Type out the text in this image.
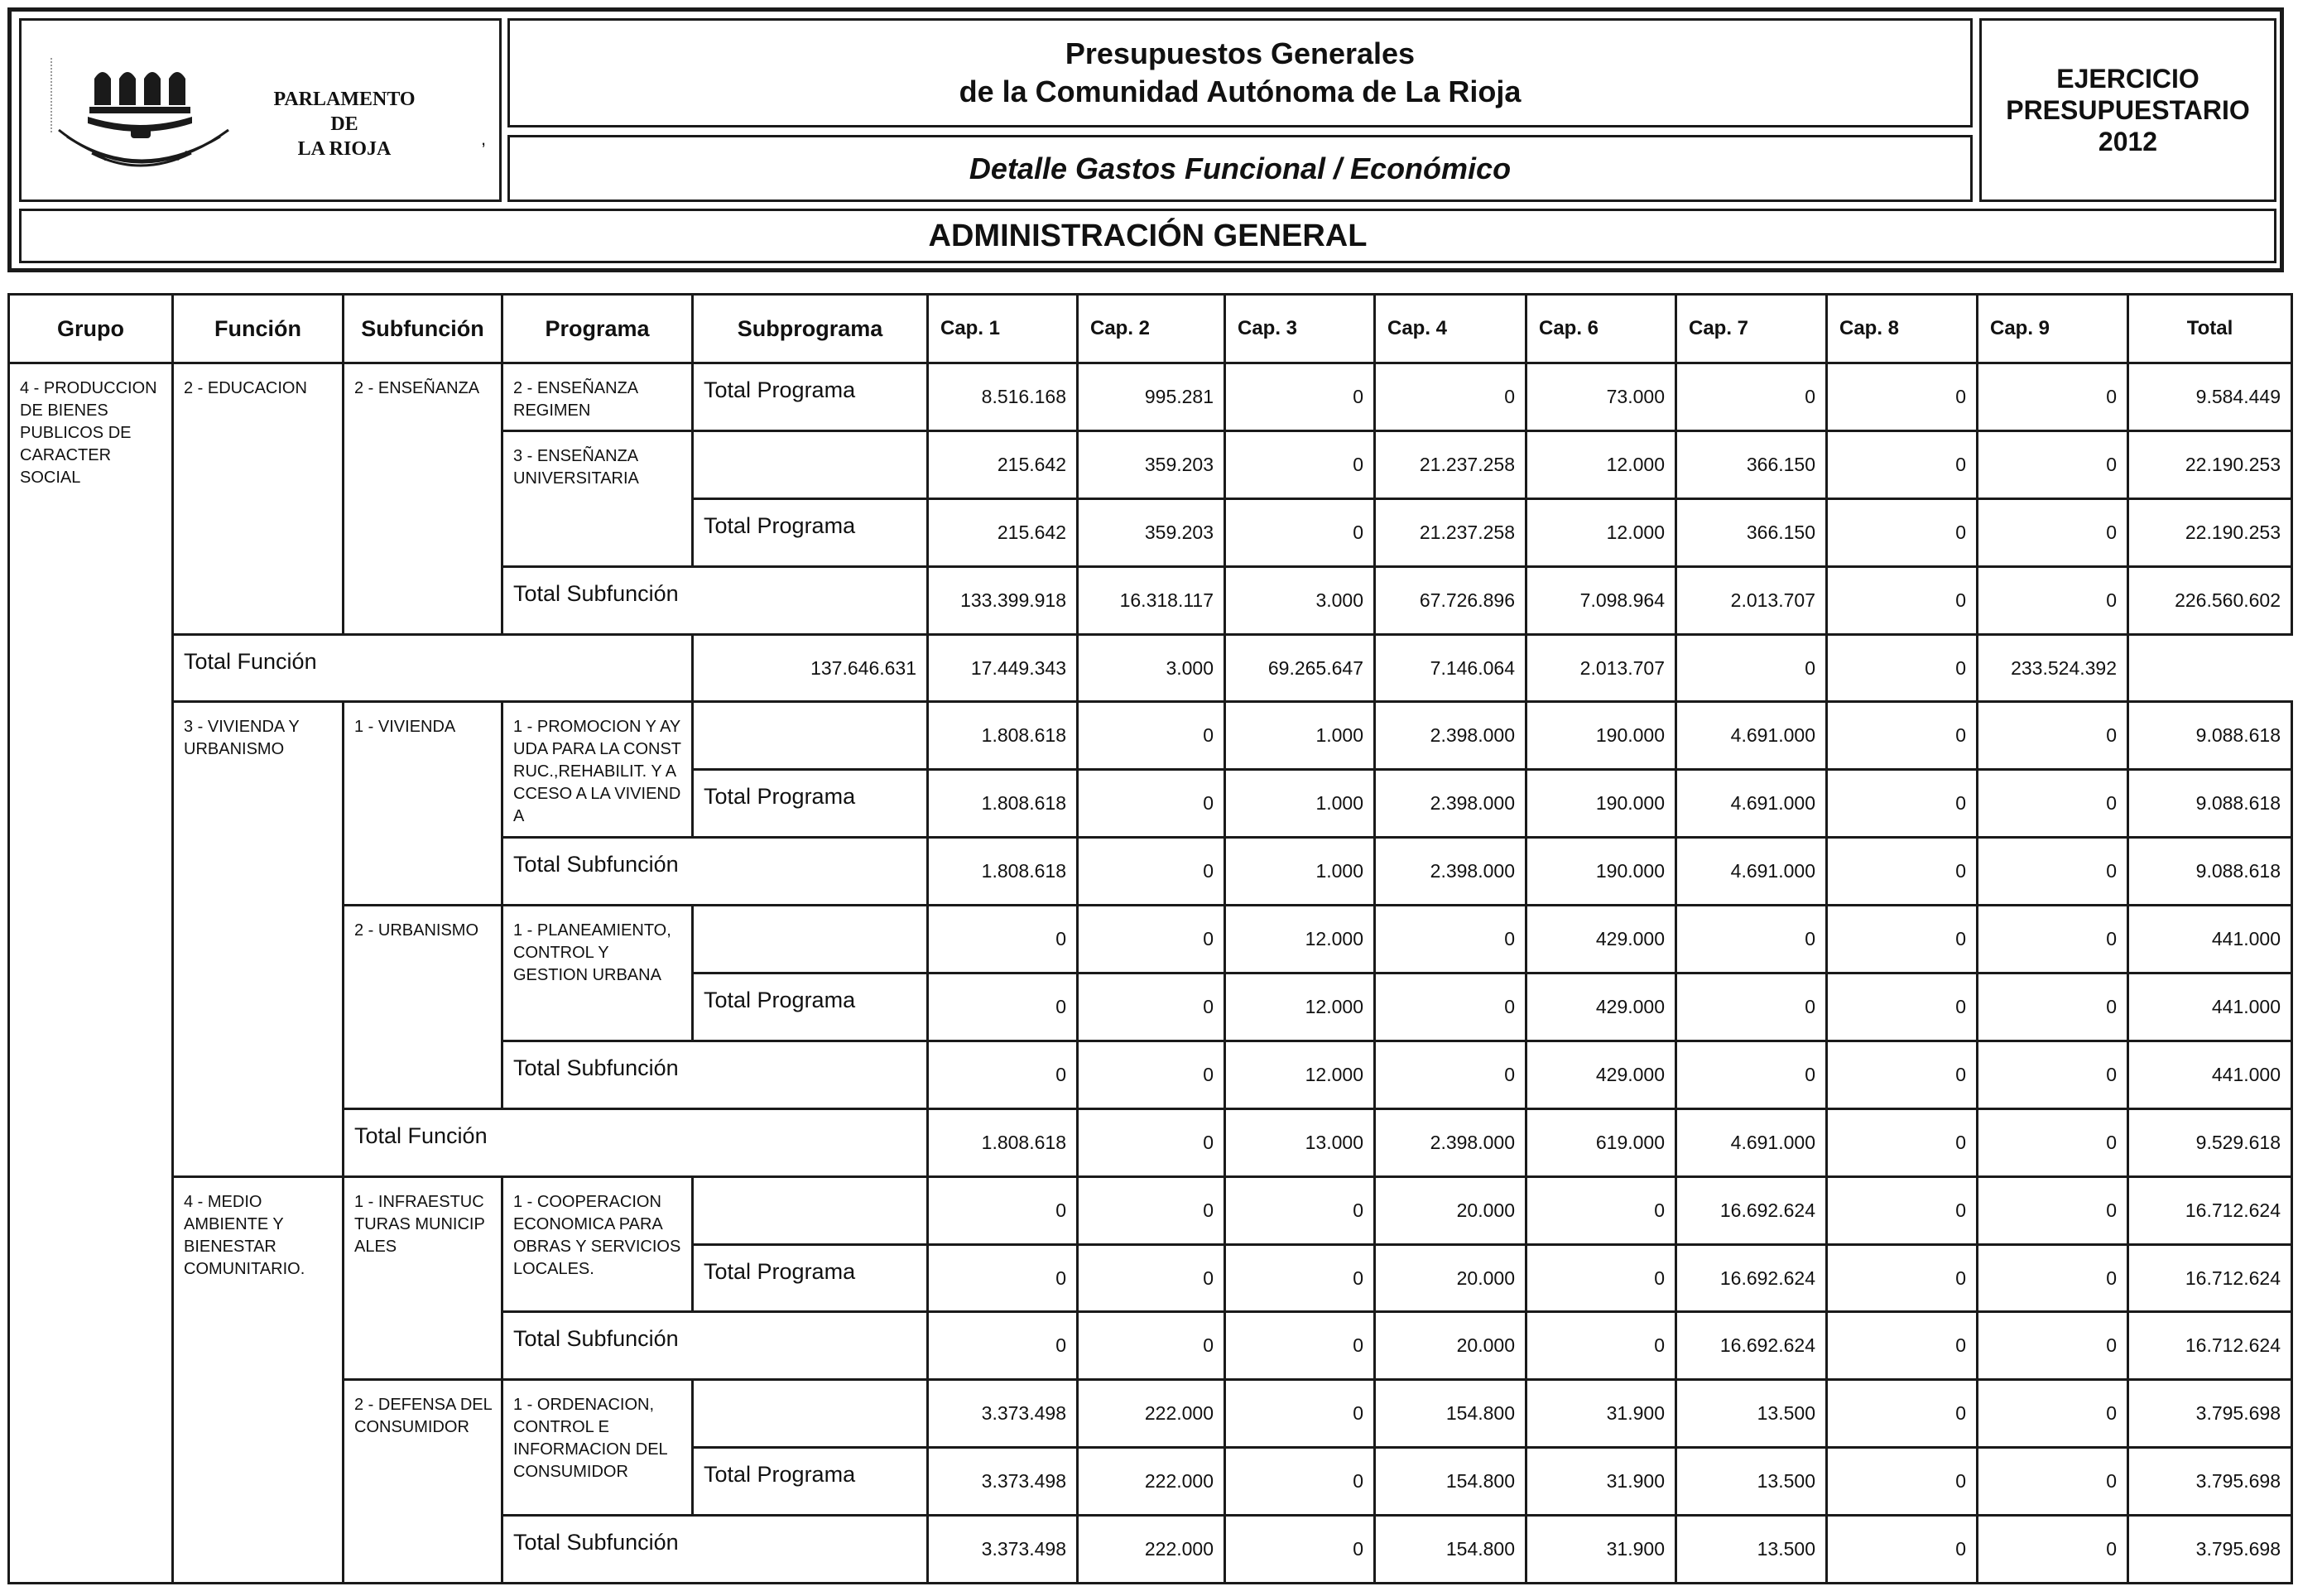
PARLAMENTO DE
LA RIOJA	,
Presupuestos Generales
de la Comunidad Autónoma de La Rioja
Detalle Gastos Funcional / Económico
EJERCICIO
PRESUPUESTARIO
2012
ADMINISTRACIÓN GENERAL
Grupo	Función	Subfunción	Programa	Subprograma	Cap. 1	Cap. 2	Cap. 3	Cap. 4	Cap. 6	Cap. 7	Cap. 8	Cap. 9	Total
4 - PRODUCCION DE BIENES PUBLICOS DE CARACTER SOCIAL	2 - EDUCACION	2 - ENSEÑANZA	2 - ENSEÑANZA REGIMEN	Total Programa	8.516.168	995.281	0	0	73.000	0	0	0	9.584.449
			3 - ENSEÑANZA UNIVERSITARIA		215.642	359.203	0	21.237.258	12.000	366.150	0	0	22.190.253
				Total Programa	215.642	359.203	0	21.237.258	12.000	366.150	0	0	22.190.253
			Total Subfunción		133.399.918	16.318.117	3.000	67.726.896	7.098.964	2.013.707	0	0	226.560.602
	Total Función			137.646.631	17.449.343	3.000	69.265.647	7.146.064	2.013.707	0	0	233.524.392	
	3 - VIVIENDA Y URBANISMO	1 - VIVIENDA	1 - PROMOCION Y AYUDA PARA LA CONSTRUC.,REHABILIT. Y ACCESO A LA VIVIENDA		1.808.618	0	1.000	2.398.000	190.000	4.691.000	0	0	9.088.618
				Total Programa	1.808.618	0	1.000	2.398.000	190.000	4.691.000	0	0	9.088.618
			Total Subfunción		1.808.618	0	1.000	2.398.000	190.000	4.691.000	0	0	9.088.618
		2 - URBANISMO	1 - PLANEAMIENTO, CONTROL Y GESTION URBANA		0	0	12.000	0	429.000	0	0	0	441.000
				Total Programa	0	0	12.000	0	429.000	0	0	0	441.000
			Total Subfunción		0	0	12.000	0	429.000	0	0	0	441.000
		Total Función			1.808.618	0	13.000	2.398.000	619.000	4.691.000	0	0	9.529.618
	4 - MEDIO AMBIENTE Y BIENESTAR COMUNITARIO.	1 - INFRAESTUCTURAS MUNICIPALES	1 - COOPERACION ECONOMICA PARA OBRAS Y SERVICIOS LOCALES.		0	0	0	20.000	0	16.692.624	0	0	16.712.624
				Total Programa	0	0	0	20.000	0	16.692.624	0	0	16.712.624
			Total Subfunción		0	0	0	20.000	0	16.692.624	0	0	16.712.624
		2 - DEFENSA DEL CONSUMIDOR	1 - ORDENACION, CONTROL E INFORMACION DEL CONSUMIDOR		3.373.498	222.000	0	154.800	31.900	13.500	0	0	3.795.698
				Total Programa	3.373.498	222.000	0	154.800	31.900	13.500	0	0	3.795.698
			Total Subfunción		3.373.498	222.000	0	154.800	31.900	13.500	0	0	3.795.698
